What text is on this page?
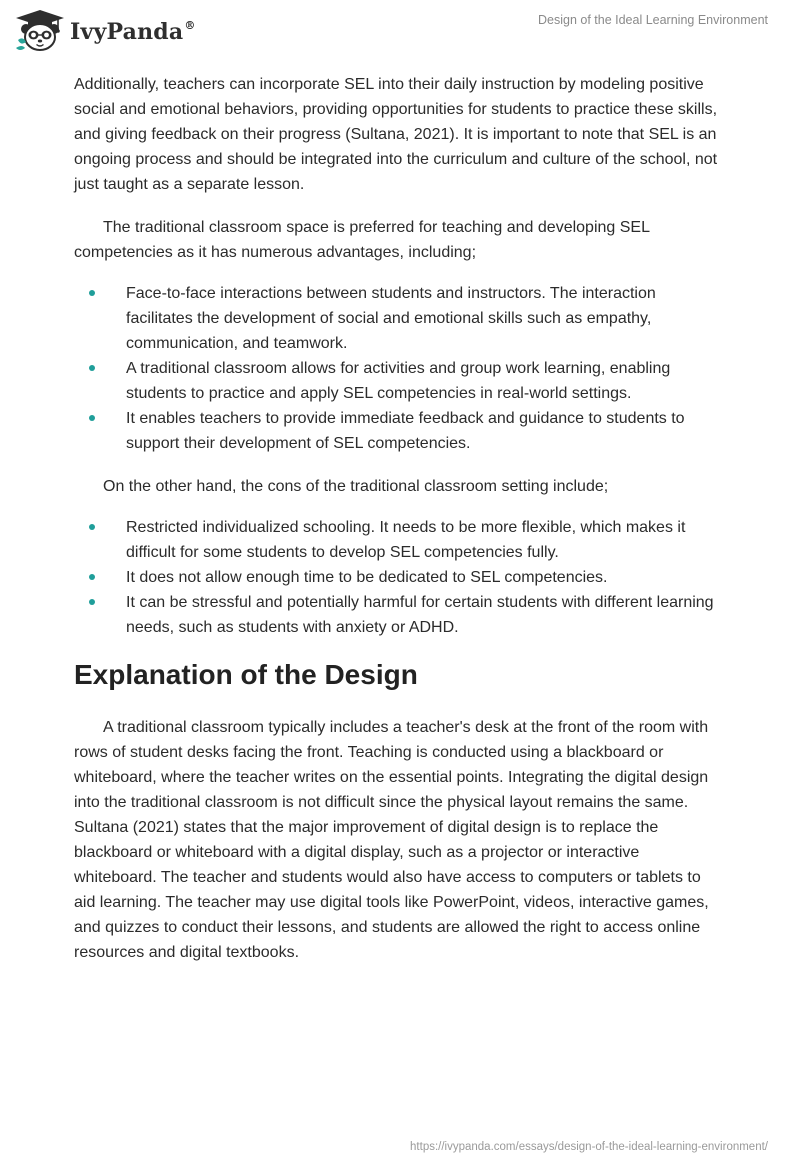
IvyPanda®	Design of the Ideal Learning Environment

Additionally, teachers can incorporate SEL into their daily instruction by modeling positive social and emotional behaviors, providing opportunities for students to practice these skills, and giving feedback on their progress (Sultana, 2021). It is important to note that SEL is an ongoing process and should be integrated into the curriculum and culture of the school, not just taught as a separate lesson.

The traditional classroom space is preferred for teaching and developing SEL competencies as it has numerous advantages, including;

Face-to-face interactions between students and instructors. The interaction facilitates the development of social and emotional skills such as empathy, communication, and teamwork.
A traditional classroom allows for activities and group work learning, enabling students to practice and apply SEL competencies in real-world settings.
It enables teachers to provide immediate feedback and guidance to students to support their development of SEL competencies.

On the other hand, the cons of the traditional classroom setting include;

Restricted individualized schooling. It needs to be more flexible, which makes it difficult for some students to develop SEL competencies fully.
It does not allow enough time to be dedicated to SEL competencies.
It can be stressful and potentially harmful for certain students with different learning needs, such as students with anxiety or ADHD.
Explanation of the Design

A traditional classroom typically includes a teacher's desk at the front of the room with rows of student desks facing the front. Teaching is conducted using a blackboard or whiteboard, where the teacher writes on the essential points. Integrating the digital design into the traditional classroom is not difficult since the physical layout remains the same. Sultana (2021) states that the major improvement of digital design is to replace the blackboard or whiteboard with a digital display, such as a projector or interactive whiteboard. The teacher and students would also have access to computers or tablets to aid learning. The teacher may use digital tools like PowerPoint, videos, interactive games, and quizzes to conduct their lessons, and students are allowed the right to access online resources and digital textbooks.

https://ivypanda.com/essays/design-of-the-ideal-learning-environment/
